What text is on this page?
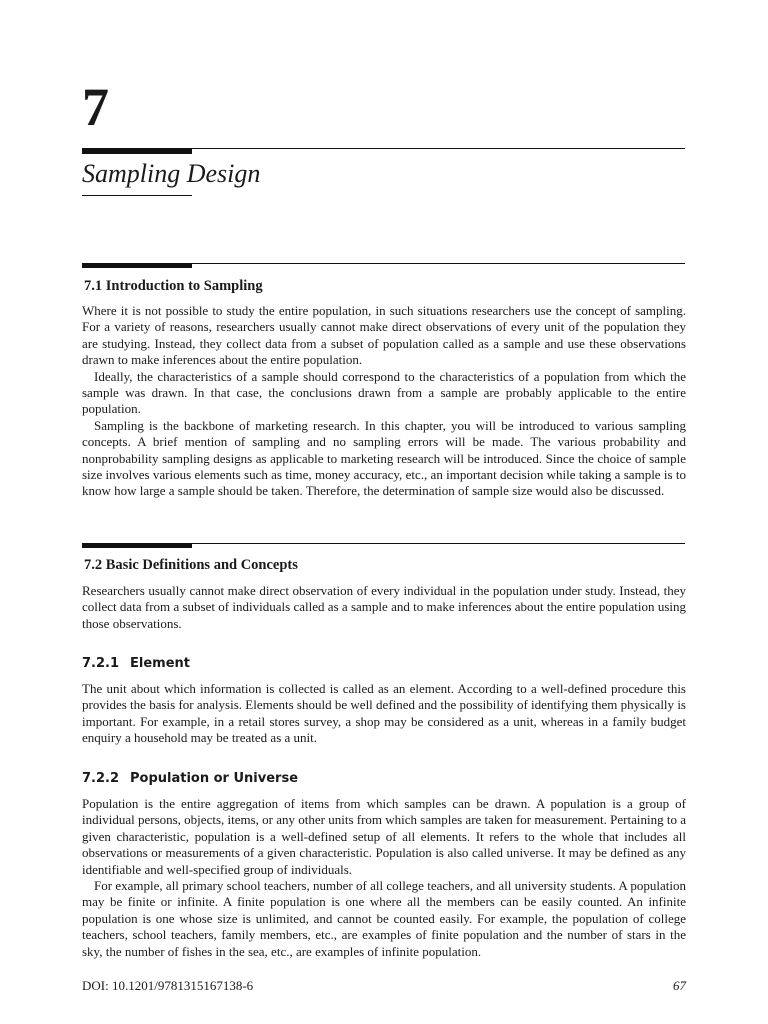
7
Sampling Design
7.1 Introduction to Sampling
Where it is not possible to study the entire population, in such situations researchers use the concept of sampling. For a variety of reasons, researchers usually cannot make direct observations of every unit of the population they are studying. Instead, they collect data from a subset of population called as a sample and use these observations drawn to make inferences about the entire population.
Ideally, the characteristics of a sample should correspond to the characteristics of a population from which the sample was drawn. In that case, the conclusions drawn from a sample are probably applicable to the entire population.
Sampling is the backbone of marketing research. In this chapter, you will be introduced to various sampling concepts. A brief mention of sampling and no sampling errors will be made. The various probability and nonprobability sampling designs as applicable to marketing research will be introduced. Since the choice of sample size involves various elements such as time, money accuracy, etc., an important decision while taking a sample is to know how large a sample should be taken. Therefore, the determination of sample size would also be discussed.
7.2 Basic Definitions and Concepts
Researchers usually cannot make direct observation of every individual in the population under study. Instead, they collect data from a subset of individuals called as a sample and to make inferences about the entire population using those observations.
7.2.1 Element
The unit about which information is collected is called as an element. According to a well-defined procedure this provides the basis for analysis. Elements should be well defined and the possibility of identifying them physically is important. For example, in a retail stores survey, a shop may be considered as a unit, whereas in a family budget enquiry a household may be treated as a unit.
7.2.2 Population or Universe
Population is the entire aggregation of items from which samples can be drawn. A population is a group of individual persons, objects, items, or any other units from which samples are taken for measurement. Pertaining to a given characteristic, population is a well-defined setup of all elements. It refers to the whole that includes all observations or measurements of a given characteristic. Population is also called universe. It may be defined as any identifiable and well-specified group of individuals.
For example, all primary school teachers, number of all college teachers, and all university students. A population may be finite or infinite. A finite population is one where all the members can be easily counted. An infinite population is one whose size is unlimited, and cannot be counted easily. For example, the population of college teachers, school teachers, family members, etc., are examples of finite population and the number of stars in the sky, the number of fishes in the sea, etc., are examples of infinite population.
DOI: 10.1201/9781315167138-6	67
